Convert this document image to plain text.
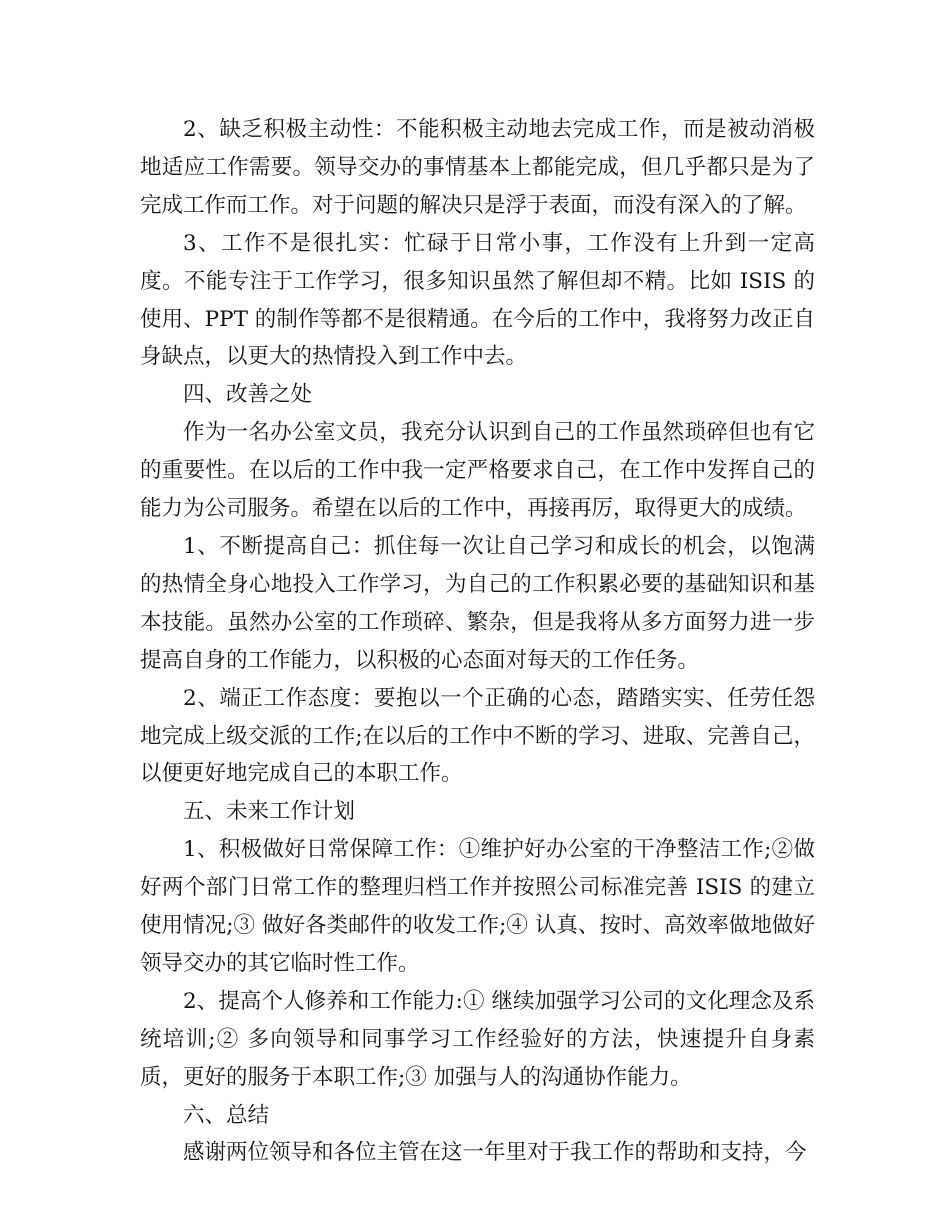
2、缺乏积极主动性：不能积极主动地去完成工作，而是被动消极地适应工作需要。领导交办的事情基本上都能完成，但几乎都只是为了完成工作而工作。对于问题的解决只是浮于表面，而没有深入的了解。

3、工作不是很扎实：忙碌于日常小事，工作没有上升到一定高度。不能专注于工作学习，很多知识虽然了解但却不精。比如 ISIS 的使用、PPT 的制作等都不是很精通。在今后的工作中，我将努力改正自身缺点，以更大的热情投入到工作中去。

四、改善之处

作为一名办公室文员，我充分认识到自己的工作虽然琐碎但也有它的重要性。在以后的工作中我一定严格要求自己，在工作中发挥自己的能力为公司服务。希望在以后的工作中，再接再厉，取得更大的成绩。

1、不断提高自己：抓住每一次让自己学习和成长的机会，以饱满的热情全身心地投入工作学习，为自己的工作积累必要的基础知识和基本技能。虽然办公室的工作琐碎、繁杂，但是我将从多方面努力进一步提高自身的工作能力，以积极的心态面对每天的工作任务。

2、端正工作态度：要抱以一个正确的心态，踏踏实实、任劳任怨地完成上级交派的工作;在以后的工作中不断的学习、进取、完善自己，以便更好地完成自己的本职工作。

五、未来工作计划

1、积极做好日常保障工作：①维护好办公室的干净整洁工作;②做好两个部门日常工作的整理归档工作并按照公司标准完善 ISIS 的建立使用情况;③ 做好各类邮件的收发工作;④ 认真、按时、高效率做地做好领导交办的其它临时性工作。

2、提高个人修养和工作能力:① 继续加强学习公司的文化理念及系统培训;② 多向领导和同事学习工作经验好的方法，快速提升自身素质，更好的服务于本职工作;③ 加强与人的沟通协作能力。

六、总结

感谢两位领导和各位主管在这一年里对于我工作的帮助和支持，今
